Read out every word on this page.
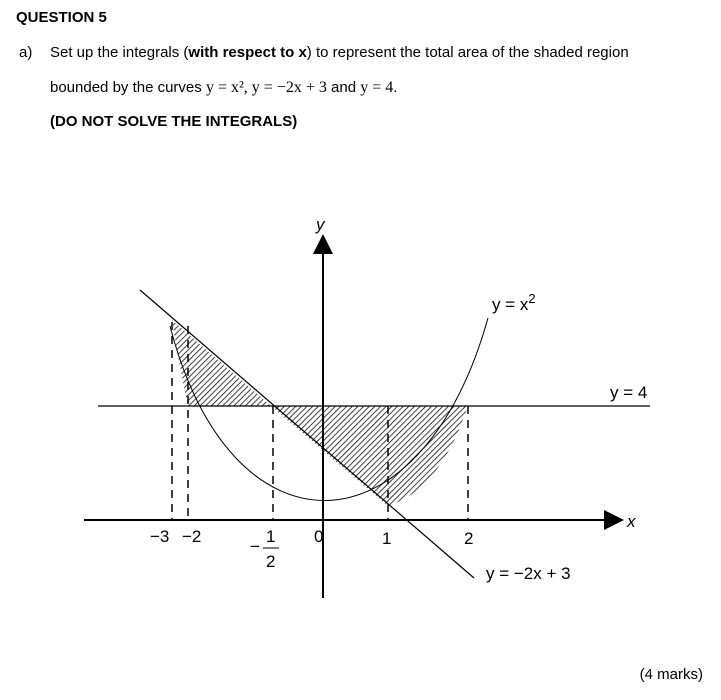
QUESTION 5
a) Set up the integrals (with respect to x) to represent the total area of the shaded region
bounded by the curves y = x², y = −2x + 3 and y = 4.
(DO NOT SOLVE THE INTEGRALS)
y
x
$y = x^2$
y = 4
y = −2x + 3
−3 −2	0	1	2
−
1
2
(4 marks)
